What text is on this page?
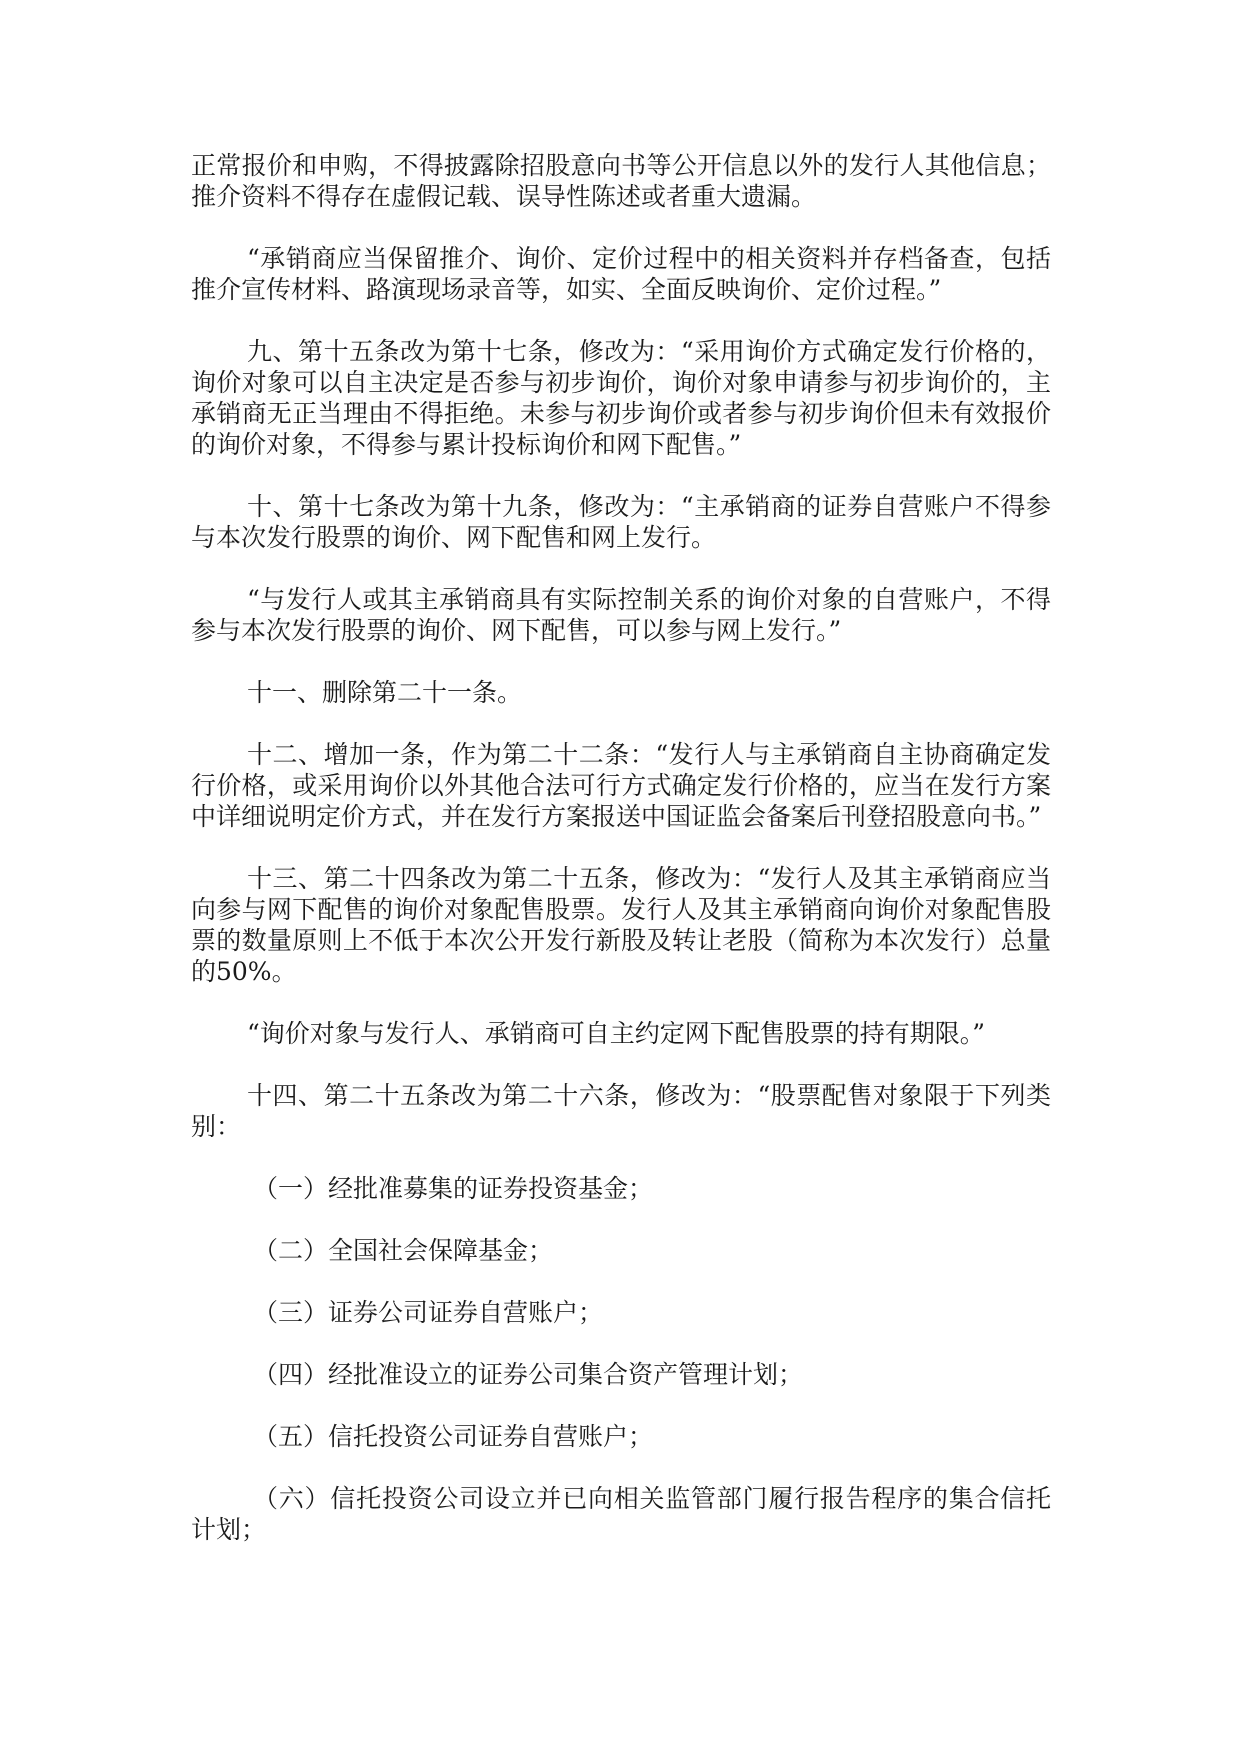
正常报价和申购，不得披露除招股意向书等公开信息以外的发行人其他信息；推介资料不得存在虚假记载、误导性陈述或者重大遗漏。

“承销商应当保留推介、询价、定价过程中的相关资料并存档备查，包括推介宣传材料、路演现场录音等，如实、全面反映询价、定价过程。”

九、第十五条改为第十七条，修改为：“采用询价方式确定发行价格的，询价对象可以自主决定是否参与初步询价，询价对象申请参与初步询价的，主承销商无正当理由不得拒绝。未参与初步询价或者参与初步询价但未有效报价的询价对象，不得参与累计投标询价和网下配售。”

十、第十七条改为第十九条，修改为：“主承销商的证券自营账户不得参与本次发行股票的询价、网下配售和网上发行。

“与发行人或其主承销商具有实际控制关系的询价对象的自营账户，不得参与本次发行股票的询价、网下配售，可以参与网上发行。”

十一、删除第二十一条。

十二、增加一条，作为第二十二条：“发行人与主承销商自主协商确定发行价格，或采用询价以外其他合法可行方式确定发行价格的，应当在发行方案中详细说明定价方式，并在发行方案报送中国证监会备案后刊登招股意向书。”

十三、第二十四条改为第二十五条，修改为：“发行人及其主承销商应当向参与网下配售的询价对象配售股票。发行人及其主承销商向询价对象配售股票的数量原则上不低于本次公开发行新股及转让老股（简称为本次发行）总量的50%。

“询价对象与发行人、承销商可自主约定网下配售股票的持有期限。”

十四、第二十五条改为第二十六条，修改为：“股票配售对象限于下列类别：

（一）经批准募集的证券投资基金；

（二）全国社会保障基金；

（三）证券公司证券自营账户；

（四）经批准设立的证券公司集合资产管理计划；

（五）信托投资公司证券自营账户；

（六）信托投资公司设立并已向相关监管部门履行报告程序的集合信托计划；
